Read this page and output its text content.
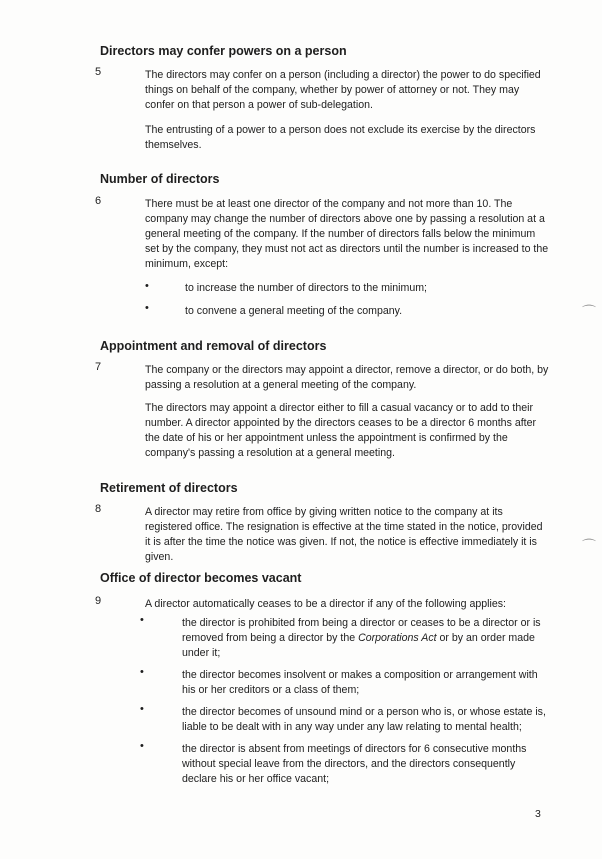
Directors may confer powers on a person
5	The directors may confer on a person (including a director) the power to do specified things on behalf of the company, whether by power of attorney or not. They may confer on that person a power of sub-delegation.
The entrusting of a power to a person does not exclude its exercise by the directors themselves.
Number of directors
6	There must be at least one director of the company and not more than 10. The company may change the number of directors above one by passing a resolution at a general meeting of the company. If the number of directors falls below the minimum set by the company, they must not act as directors until the number is increased to the minimum, except:
•	to increase the number of directors to the minimum;
•	to convene a general meeting of the company.
Appointment and removal of directors
7	The company or the directors may appoint a director, remove a director, or do both, by passing a resolution at a general meeting of the company.
The directors may appoint a director either to fill a casual vacancy or to add to their number. A director appointed by the directors ceases to be a director 6 months after the date of his or her appointment unless the appointment is confirmed by the company's passing a resolution at a general meeting.
Retirement of directors
8	A director may retire from office by giving written notice to the company at its registered office. The resignation is effective at the time stated in the notice, provided it is after the time the notice was given. If not, the notice is effective immediately it is given.
Office of director becomes vacant
9	A director automatically ceases to be a director if any of the following applies:
•	the director is prohibited from being a director or ceases to be a director or is removed from being a director by the Corporations Act or by an order made under it;
•	the director becomes insolvent or makes a composition or arrangement with his or her creditors or a class of them;
•	the director becomes of unsound mind or a person who is, or whose estate is, liable to be dealt with in any way under any law relating to mental health;
•	the director is absent from meetings of directors for 6 consecutive months without special leave from the directors, and the directors consequently declare his or her office vacant;
⌒
⌒
3
